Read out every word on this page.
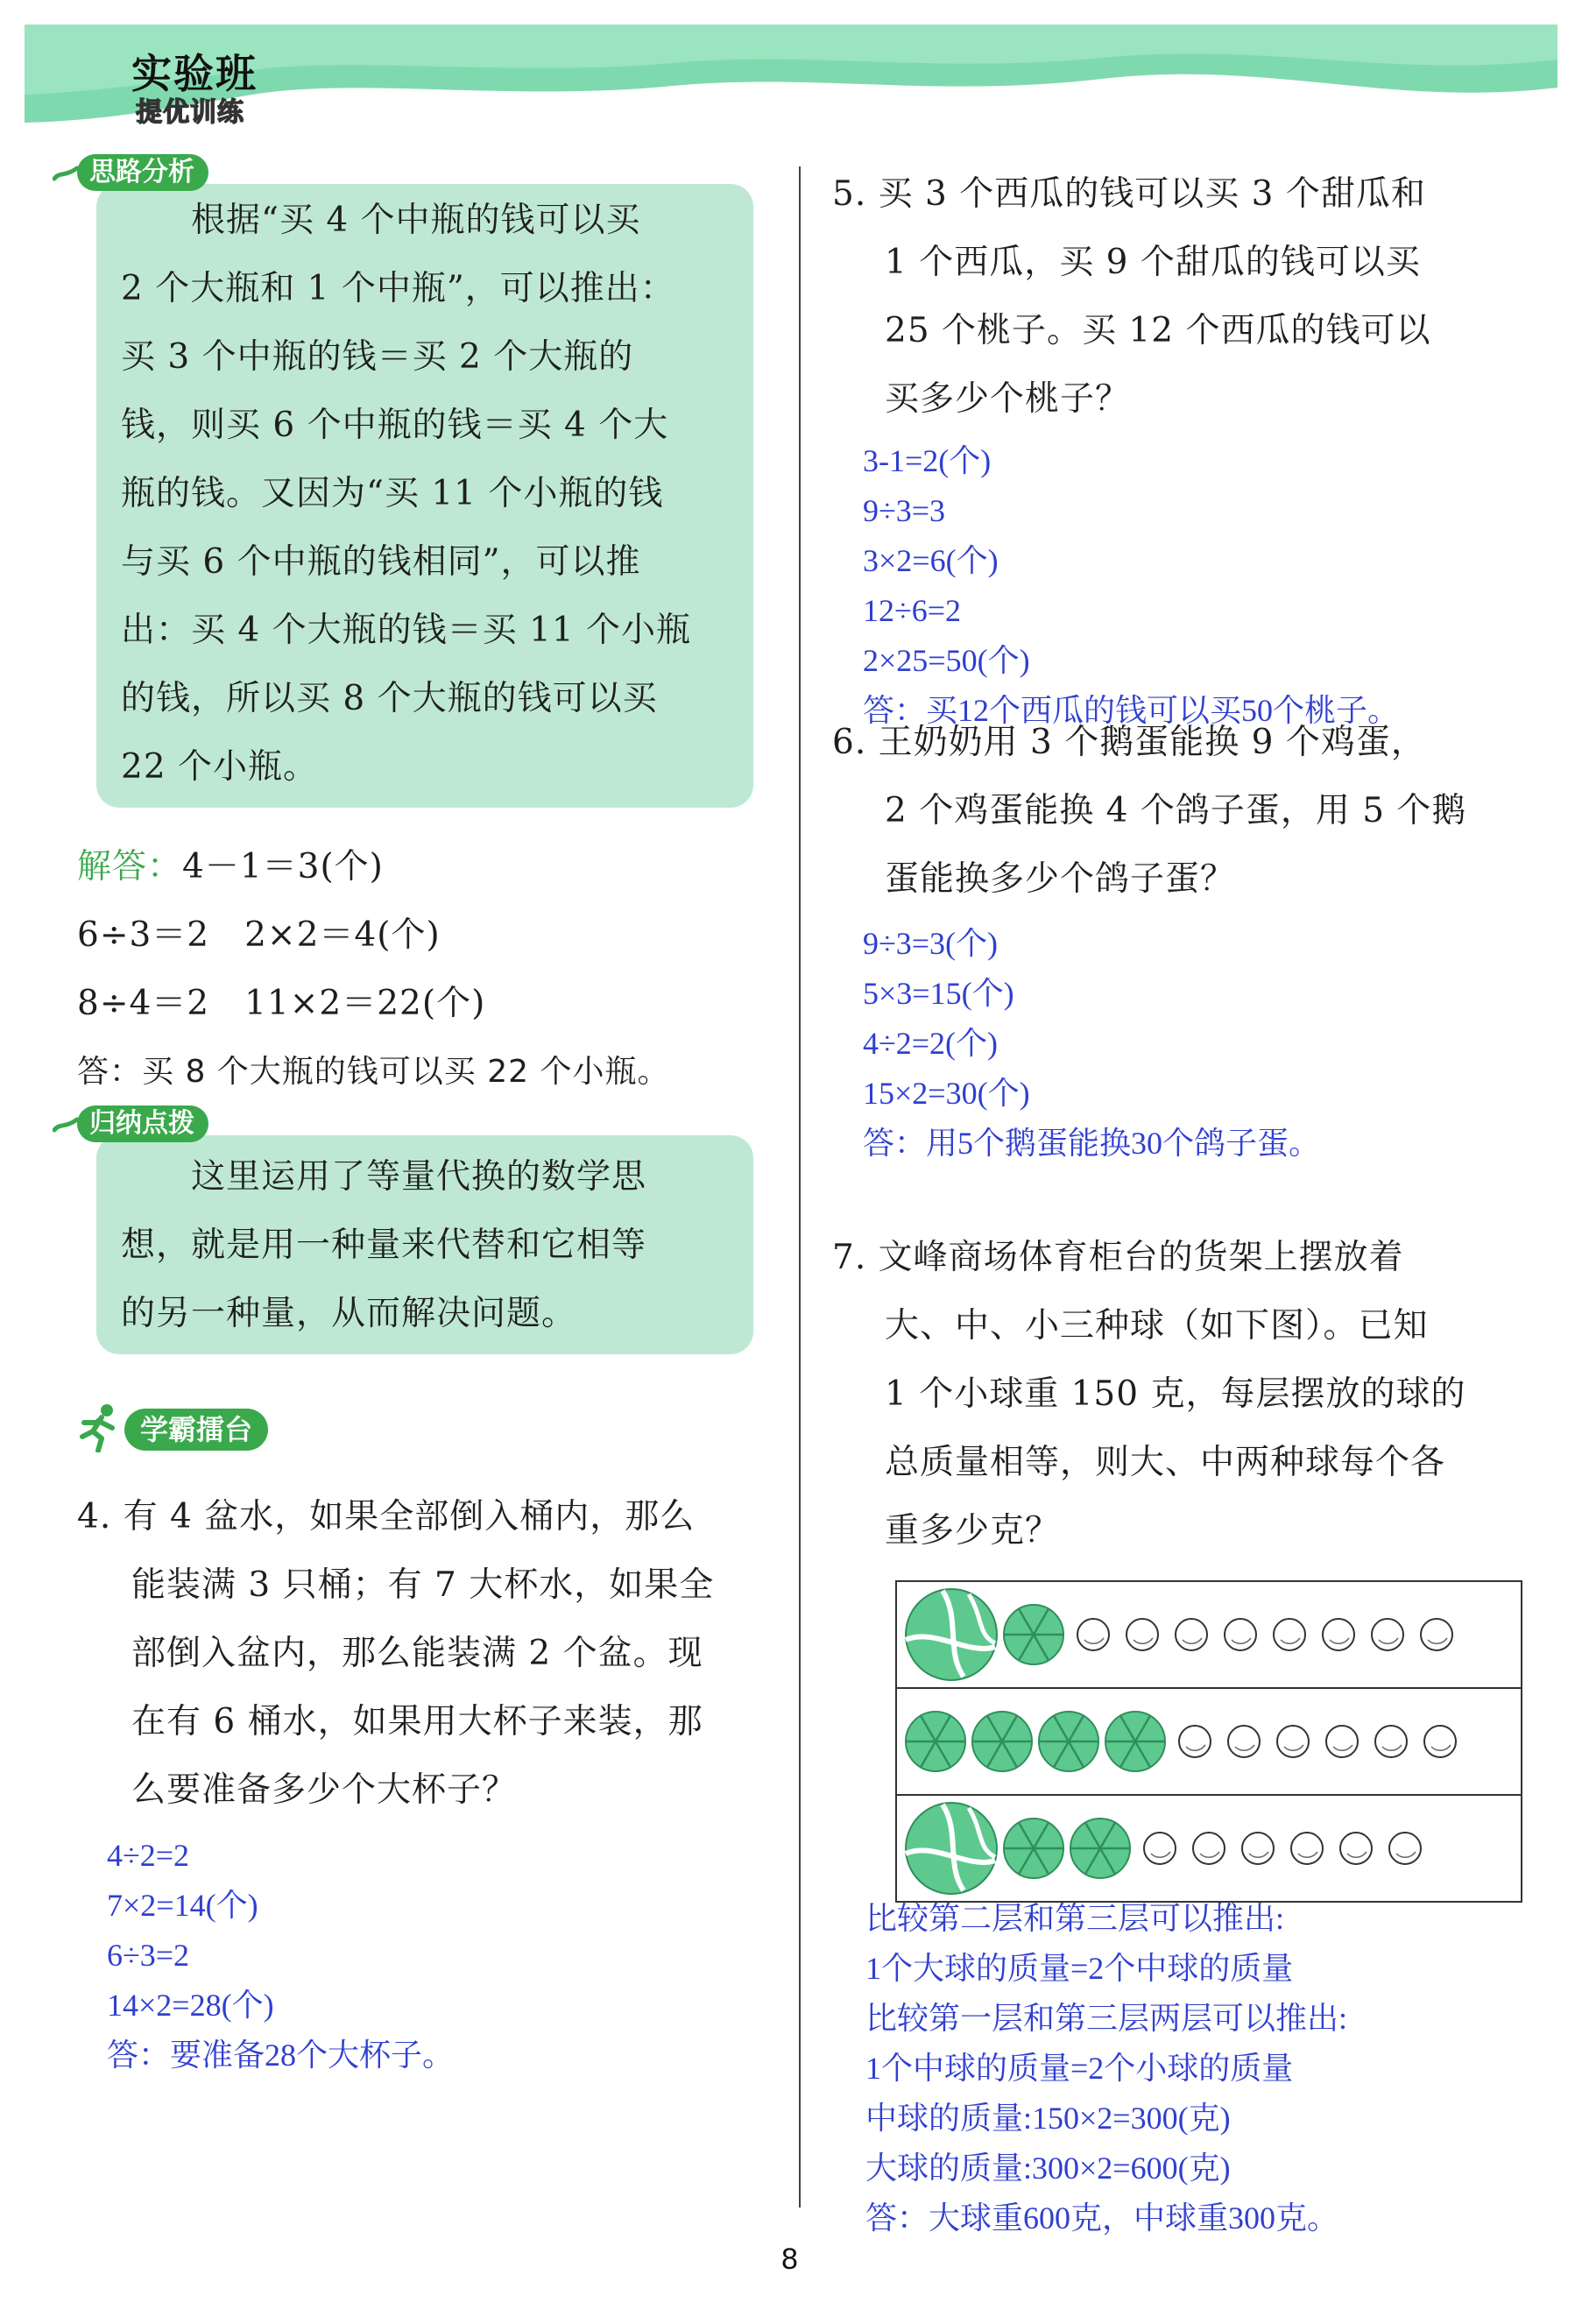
实验班
提优训练
思路分析
　　根据“买 4 个中瓶的钱可以买
2 个大瓶和 1 个中瓶”，可以推出：
买 3 个中瓶的钱＝买 2 个大瓶的
钱，则买 6 个中瓶的钱＝买 4 个大
瓶的钱。又因为“买 11 个小瓶的钱
与买 6 个中瓶的钱相同”，可以推
出：买 4 个大瓶的钱＝买 11 个小瓶
的钱，所以买 8 个大瓶的钱可以买
22 个小瓶。
解答：4－1＝3(个)
6÷3＝2　2×2＝4(个)
8÷4＝2　11×2＝22(个)
答：买 8 个大瓶的钱可以买 22 个小瓶。
归纳点拨
　　这里运用了等量代换的数学思
想，就是用一种量来代替和它相等
的另一种量，从而解决问题。
学霸擂台
4. 有 4 盆水，如果全部倒入桶内，那么
能装满 3 只桶；有 7 大杯水，如果全
部倒入盆内，那么能装满 2 个盆。现
在有 6 桶水，如果用大杯子来装，那
么要准备多少个大杯子？
4÷2=2
7×2=14(个)
6÷3=2
14×2=28(个)
答：要准备28个大杯子。
5. 买 3 个西瓜的钱可以买 3 个甜瓜和
1 个西瓜，买 9 个甜瓜的钱可以买
25 个桃子。买 12 个西瓜的钱可以
买多少个桃子？
3-1=2(个)
9÷3=3
3×2=6(个)
12÷6=2
2×25=50(个)
答：买12个西瓜的钱可以买50个桃子。
6. 王奶奶用 3 个鹅蛋能换 9 个鸡蛋，
2 个鸡蛋能换 4 个鸽子蛋，用 5 个鹅
蛋能换多少个鸽子蛋？
9÷3=3(个)
5×3=15(个)
4÷2=2(个)
15×2=30(个)
答：用5个鹅蛋能换30个鸽子蛋。
7. 文峰商场体育柜台的货架上摆放着
大、中、小三种球（如下图）。已知
1 个小球重 150 克，每层摆放的球的
总质量相等，则大、中两种球每个各
重多少克？
比较第二层和第三层可以推出:
1个大球的质量=2个中球的质量
比较第一层和第三层两层可以推出:
1个中球的质量=2个小球的质量
中球的质量:150×2=300(克)
大球的质量:300×2=600(克)
答：大球重600克，中球重300克。
8
